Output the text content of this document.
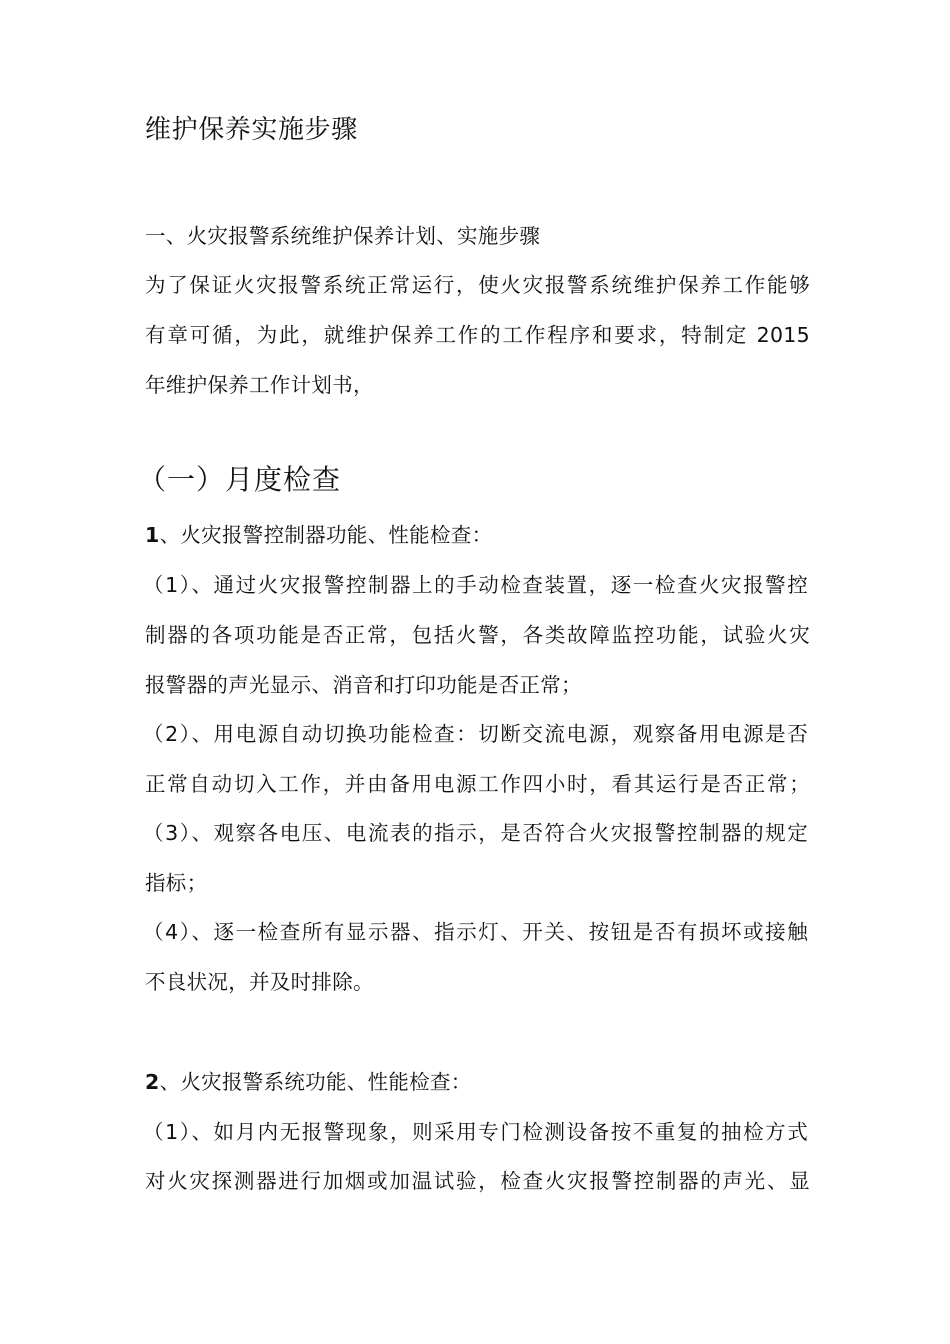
维护保养实施步骤
一、火灾报警系统维护保养计划、实施步骤
为了保证火灾报警系统正常运行，使火灾报警系统维护保养工作能够
有章可循，为此，就维护保养工作的工作程序和要求，特制定 2015
年维护保养工作计划书，
（一）月度检查
1、火灾报警控制器功能、性能检查：
（1）、通过火灾报警控制器上的手动检查装置，逐一检查火灾报警控
制器的各项功能是否正常，包括火警，各类故障监控功能，试验火灾
报警器的声光显示、消音和打印功能是否正常；
（2）、用电源自动切换功能检查：切断交流电源，观察备用电源是否
正常自动切入工作，并由备用电源工作四小时，看其运行是否正常；
（3）、观察各电压、电流表的指示，是否符合火灾报警控制器的规定
指标；
（4）、逐一检查所有显示器、指示灯、开关、按钮是否有损坏或接触
不良状况，并及时排除。
2、火灾报警系统功能、性能检查：
（1）、如月内无报警现象，则采用专门检测设备按不重复的抽检方式
对火灾探测器进行加烟或加温试验，检查火灾报警控制器的声光、显
